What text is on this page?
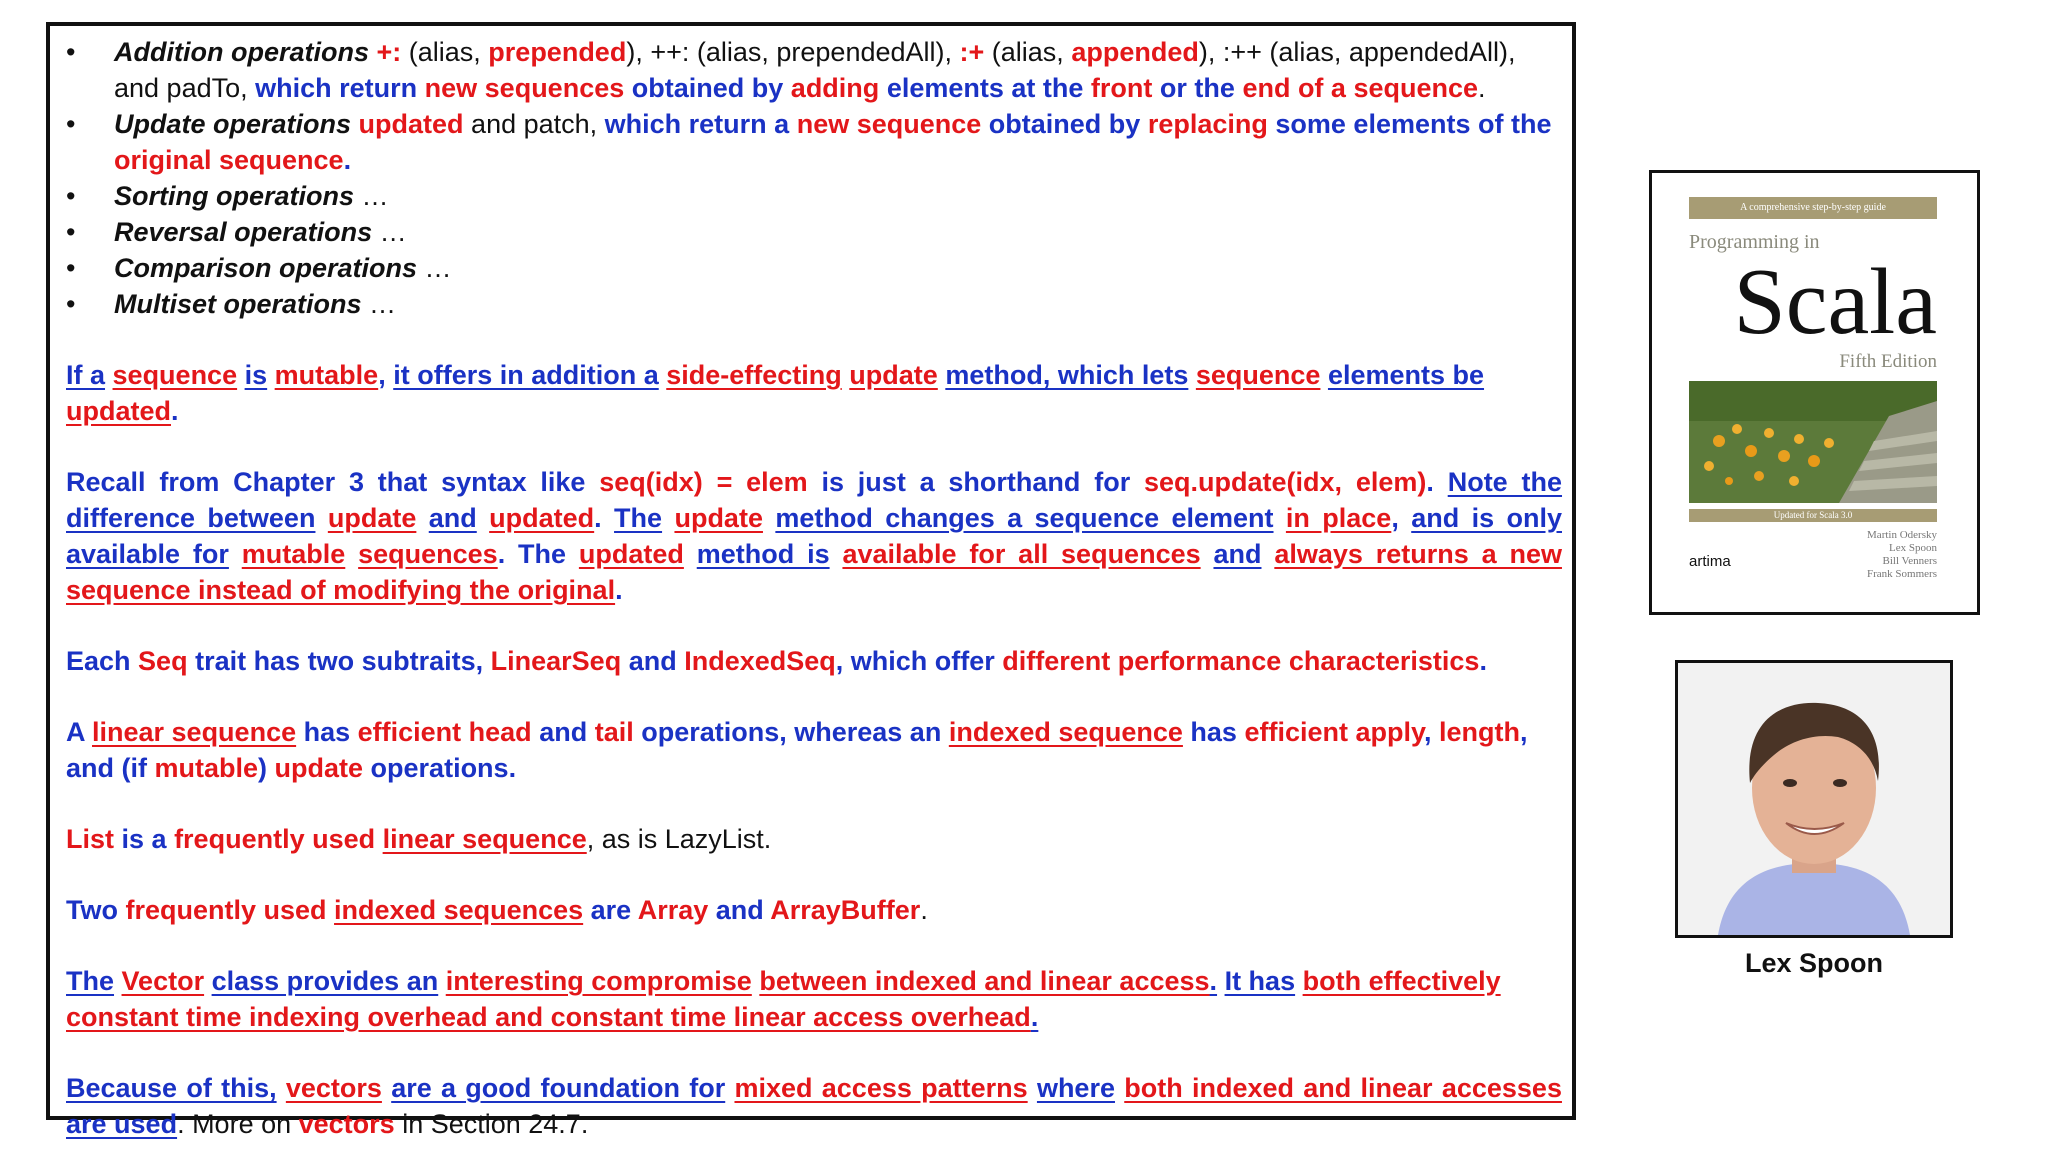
• Addition operations +: (alias, prepended), ++: (alias, prependedAll), :+ (alias, appended), :++ (alias, appendedAll), and padTo, which return new sequences obtained by adding elements at the front or the end of a sequence.
• Update operations updated and patch, which return a new sequence obtained by replacing some elements of the original sequence.
• Sorting operations …
• Reversal operations …
• Comparison operations …
• Multiset operations …

If a sequence is mutable, it offers in addition a side-effecting update method, which lets sequence elements be updated.

Recall from Chapter 3 that syntax like seq(idx) = elem is just a shorthand for seq.update(idx, elem). Note the difference between update and updated. The update method changes a sequence element in place, and is only available for mutable sequences. The updated method is available for all sequences and always returns a new sequence instead of modifying the original.

Each Seq trait has two subtraits, LinearSeq and IndexedSeq, which offer different performance characteristics.

A linear sequence has efficient head and tail operations, whereas an indexed sequence has efficient apply, length, and (if mutable) update operations.

List is a frequently used linear sequence, as is LazyList.

Two frequently used indexed sequences are Array and ArrayBuffer.

The Vector class provides an interesting compromise between indexed and linear access. It has both effectively constant time indexing overhead and constant time linear access overhead.

Because of this, vectors are a good foundation for mixed access patterns where both indexed and linear accesses are used. More on vectors in Section 24.7.

A comprehensive step-by-step guide
Programming in
Scala
Fifth Edition
Updated for Scala 3.0
artima
Martin Odersky
Lex Spoon
Bill Venners
Frank Sommers
Lex Spoon
